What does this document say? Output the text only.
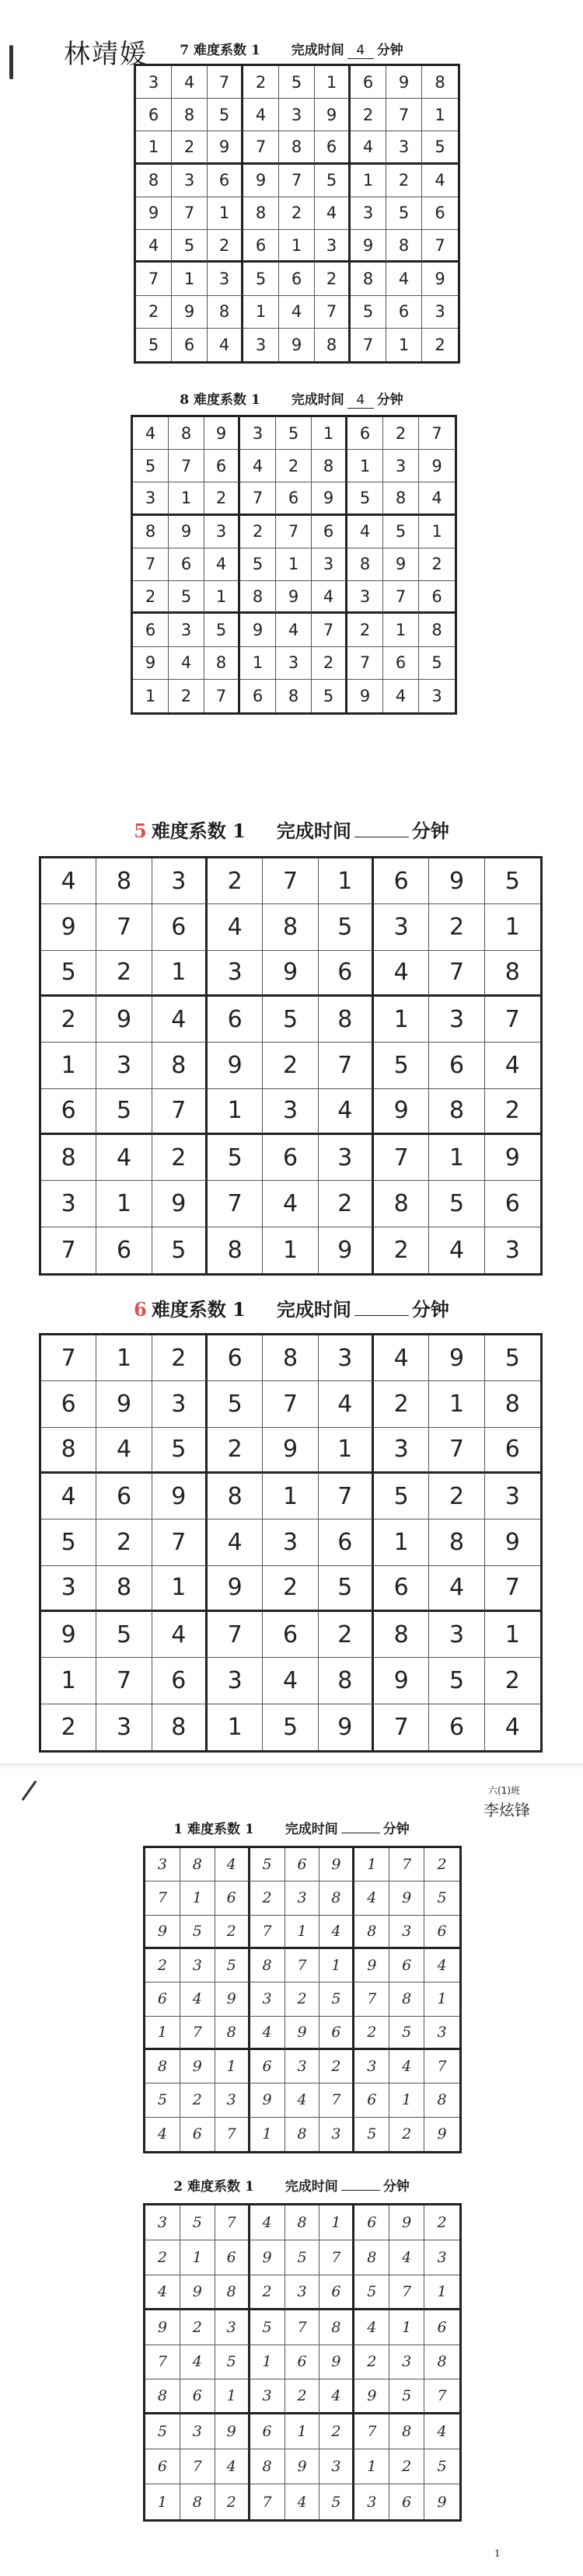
林靖媛	7 难度系数 1 完成时间 4 分钟
3	4	7	2	5	1	6	9	8
6	8	5	4	3	9	2	7	1
1	2	9	7	8	6	4	3	5
8	3	6	9	7	5	1	2	4
9	7	1	8	2	4	3	5	6
4	5	2	6	1	3	9	8	7
7	1	3	5	6	2	8	4	9
2	9	8	1	4	7	5	6	3
5	6	4	3	9	8	7	1	2
8 难度系数 1 完成时间 4 分钟
4	8	9	3	5	1	6	2	7
5	7	6	4	2	8	1	3	9
3	1	2	7	6	9	5	8	4
8	9	3	2	7	6	4	5	1
7	6	4	5	1	3	8	9	2
2	5	1	8	9	4	3	7	6
6	3	5	9	4	7	2	1	8
9	4	8	1	3	2	7	6	5
1	2	7	6	8	5	9	4	3
5 难度系数 1 完成时间	分钟
4	8	3	2	7	1	6	9	5
9	7	6	4	8	5	3	2	1
5	2	1	3	9	6	4	7	8
2	9	4	6	5	8	1	3	7
1	3	8	9	2	7	5	6	4
6	5	7	1	3	4	9	8	2
8	4	2	5	6	3	7	1	9
3	1	9	7	4	2	8	5	6
7	6	5	8	1	9	2	4	3
6 难度系数 1 完成时间	分钟
7	1	2	6	8	3	4	9	5
6	9	3	5	7	4	2	1	8
8	4	5	2	9	1	3	7	6
4	6	9	8	1	7	5	2	3
5	2	7	4	3	6	1	8	9
3	8	1	9	2	5	6	4	7
9	5	4	7	6	2	8	3	1
1	7	6	3	4	8	9	5	2
2	3	8	1	5	9	7	6	4
六(1)班
李炫锋
1 难度系数 1 完成时间	分钟
3	8	4	5	6	9	1	7	2
7	1	6	2	3	8	4	9	5
9	5	2	7	1	4	8	3	6
2	3	5	8	7	1	9	6	4
6	4	9	3	2	5	7	8	1
1	7	8	4	9	6	2	5	3
8	9	1	6	3	2	3	4	7
5	2	3	9	4	7	6	1	8
4	6	7	1	8	3	5	2	9
2 难度系数 1 完成时间	分钟
3	5	7	4	8	1	6	9	2
2	1	6	9	5	7	8	4	3
4	9	8	2	3	6	5	7	1
9	2	3	5	7	8	4	1	6
7	4	5	1	6	9	2	3	8
8	6	1	3	2	4	9	5	7
5	3	9	6	1	2	7	8	4
6	7	4	8	9	3	1	2	5
1	8	2	7	4	5	3	6	9
1
